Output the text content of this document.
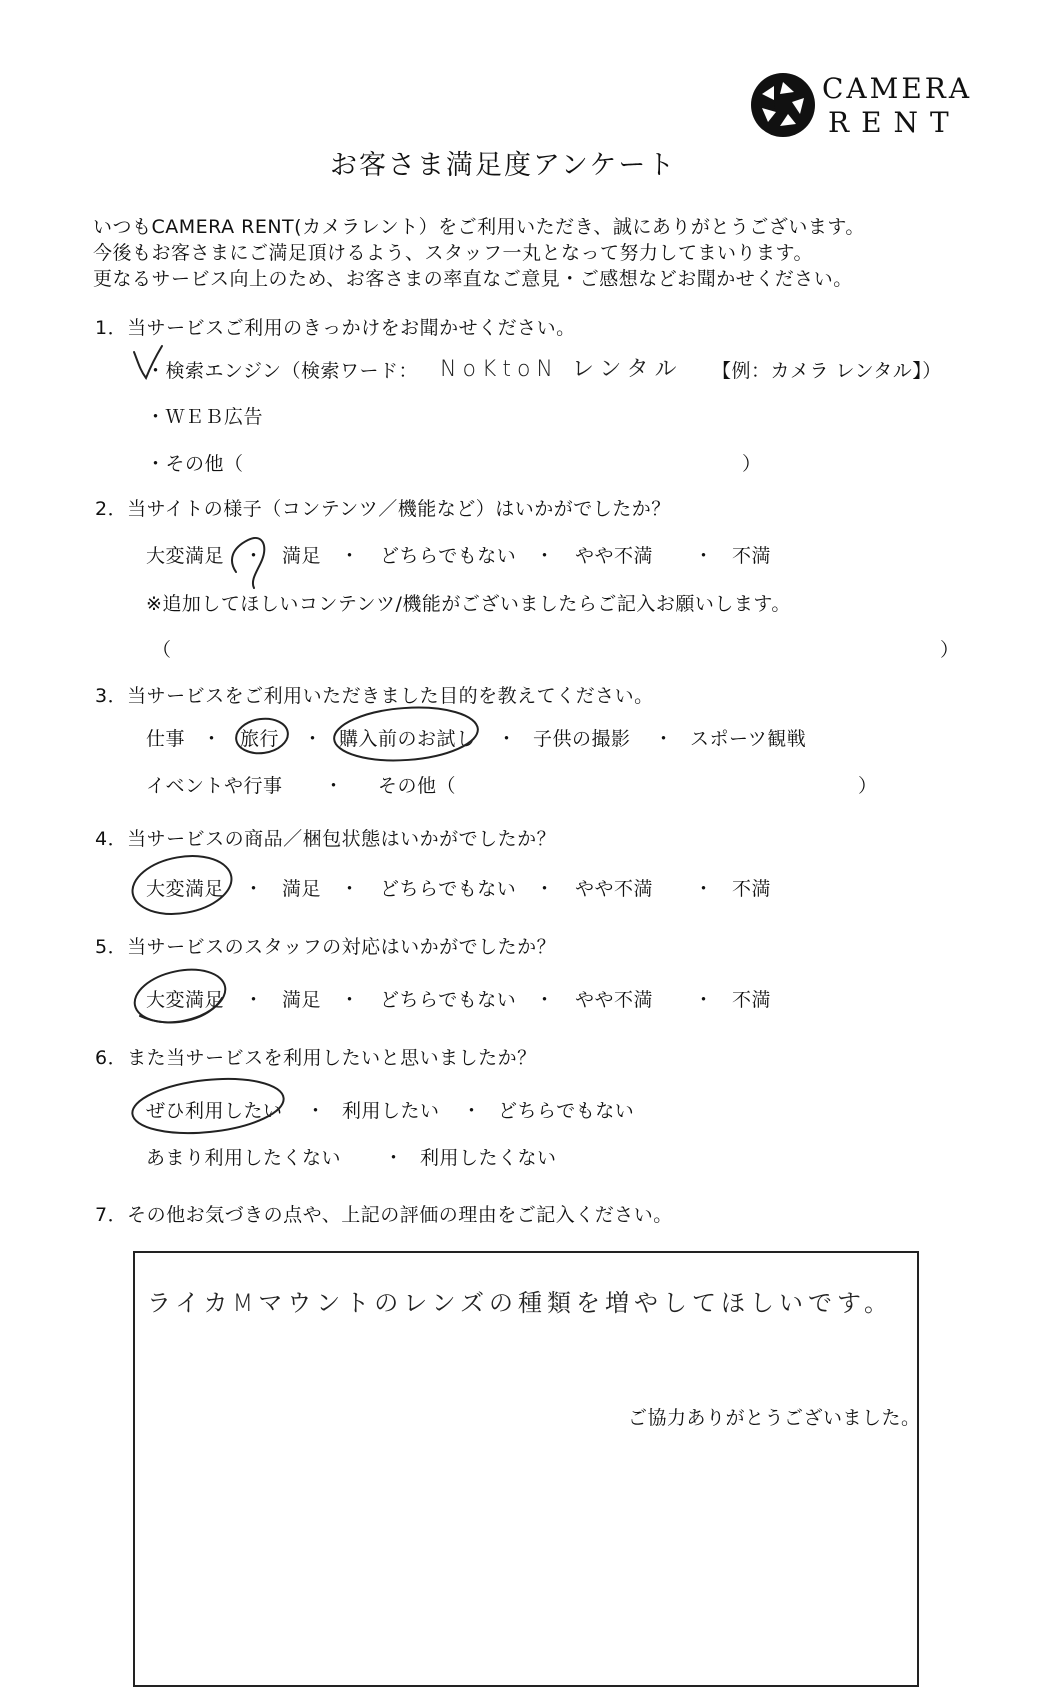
CAMERA
RENT
お客さま満足度アンケート
いつもCAMERA RENT(カメラレント）をご利用いただき、誠にありがとうございます。
今後もお客さまにご満足頂けるよう、スタッフ一丸となって努力してまいります。
更なるサービス向上のため、お客さまの率直なご意見・ご感想などお聞かせください。
1．当サービスご利用のきっかけをお聞かせください。
・検索エンジン（検索ワード： NoKtoN レンタル 【例：カメラ レンタル】）
・ＷＥＢ広告
・その他（	）
2．当サイトの様子（コンテンツ／機能など）はいかがでしたか？
大変満足 ・ 満足 ・ どちらでもない ・ やや不満 ・ 不満
※追加してほしいコンテンツ/機能がございましたらご記入お願いします。
（	）
3．当サービスをご利用いただきました目的を教えてください。
仕事 ・ 旅行 ・ 購入前のお試し ・ 子供の撮影 ・ スポーツ観戦
イベントや行事 ・ その他（	）
4．当サービスの商品／梱包状態はいかがでしたか？
大変満足 ・ 満足 ・ どちらでもない ・ やや不満 ・ 不満
5．当サービスのスタッフの対応はいかがでしたか？
大変満足 ・ 満足 ・ どちらでもない ・ やや不満 ・ 不満
6．また当サービスを利用したいと思いましたか？
ぜひ利用したい ・ 利用したい ・ どちらでもない
あまり利用したくない ・ 利用したくない
7．その他お気づきの点や、上記の評価の理由をご記入ください。
ライカMマウントのレンズの種類を増やしてほしいです。
ご協力ありがとうございました。
